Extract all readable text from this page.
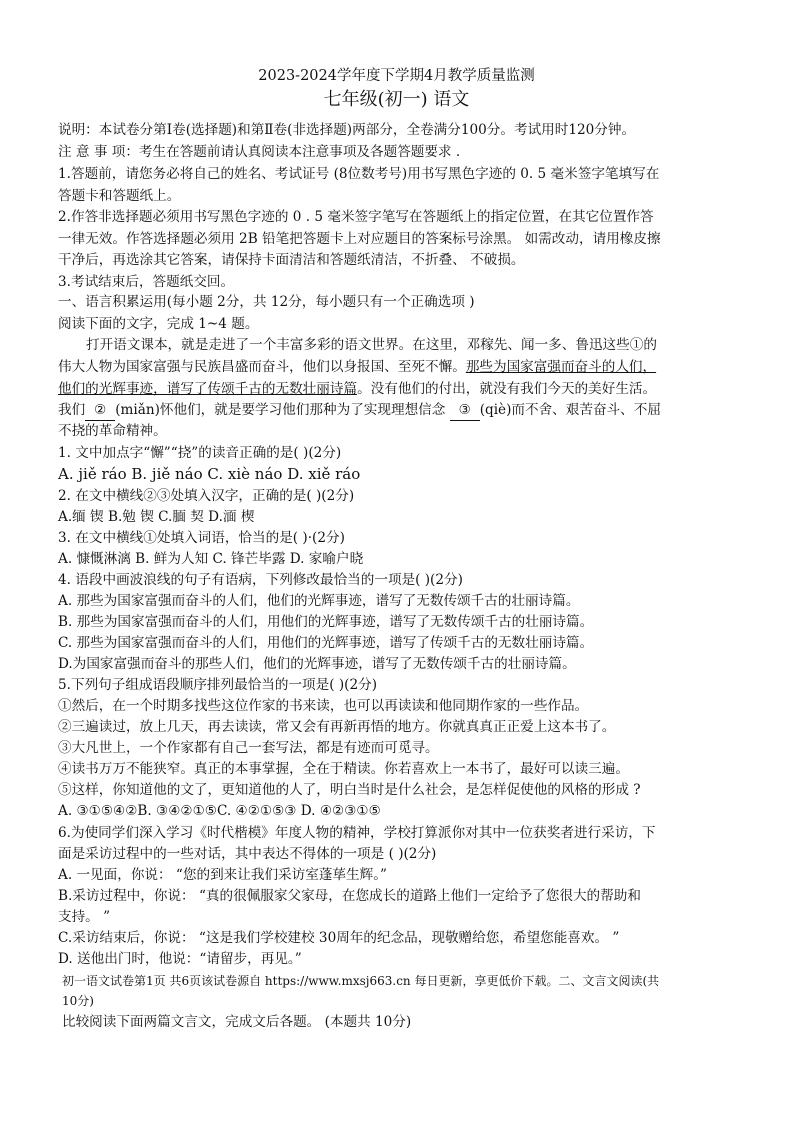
2023-2024学年度下学期4月教学质量监测
七年级(初一) 语文
说明：本试卷分第Ⅰ卷(选择题)和第Ⅱ卷(非选择题)两部分，全卷满分100分。考试用时120分钟。
注 意 事 项：考生在答题前请认真阅读本注意事项及各题答题要求 .
1.答题前，请您务必将自己的姓名、考试证号 (8位数考号)用书写黑色字迹的 0. 5 毫米签字笔填写在
答题卡和答题纸上。
2.作答非选择题必须用书写黑色字迹的 0 . 5 毫米签字笔写在答题纸上的指定位置，在其它位置作答
一律无效。作答选择题必须用 2B 铅笔把答题卡上对应题目的答案标号涂黑。 如需改动，请用橡皮擦
干净后，再选涂其它答案，请保持卡面清洁和答题纸清洁，不折叠、 不破损。
3.考试结束后，答题纸交回。
一、语言积累运用(每小题 2分，共 12分，每小题只有一个正确选项 )
阅读下面的文字，完成 1~4 题。
打开语文课本，就是走进了一个丰富多彩的语文世界。在这里，邓稼先、闻一多、鲁迅这些①的
伟大人物为国家富强与民族昌盛而奋斗，他们以身报国、至死不懈。那些为国家富强而奋斗的人们，
他们的光辉事迹，谱写了传颂千古的无数壮丽诗篇。没有他们的付出，就没有我们今天的美好生活。
我们 ② (miǎn)怀他们，就是要学习他们那种为了实现理想信念 ③ (qiè)而不舍、艰苦奋斗、不屈
不挠的革命精神。
1. 文中加点字“懈”“挠”的读音正确的是( )(2分)
A. jiě ráo B. jiě náo C. xiè náo D. xiě ráo
2. 在文中横线②③处填入汉字，正确的是( )(2分)
A.缅 锲 B.勉 锲 C.腼 契 D.湎 楔
3. 在文中横线①处填入词语，恰当的是( )·(2分)
A. 慷慨淋漓 B. 鲜为人知 C. 锋芒毕露 D. 家喻户晓
4. 语段中画波浪线的句子有语病，下列修改最恰当的一项是( )(2分)
A. 那些为国家富强而奋斗的人们，他们的光辉事迹，谱写了无数传颂千古的壮丽诗篇。
B. 那些为国家富强而奋斗的人们，用他们的光辉事迹，谱写了无数传颂千古的壮丽诗篇。
C. 那些为国家富强而奋斗的人们，用他们的光辉事迹，谱写了传颂千古的无数壮丽诗篇。
D.为国家富强而奋斗的那些人们，他们的光辉事迹，谱写了无数传颂千古的壮丽诗篇。
5.下列句子组成语段顺序排列最恰当的一项是( )(2分)
①然后，在一个时期多找些这位作家的书来读，也可以再读读和他同期作家的一些作品。
②三遍读过，放上几天，再去读读，常又会有再新再悟的地方。你就真真正正爱上这本书了。
③大凡世上，一个作家都有自己一套写法，都是有迹而可觅寻。
④读书万万不能狭窄。真正的本事掌握，全在于精读。你若喜欢上一本书了，最好可以读三遍。
⑤这样，你知道他的文了，更知道他的人了，明白当时是什么社会，是怎样促使他的风格的形成 ?
A. ③①⑤④②B. ③④②①⑤C. ④②①⑤③ D. ④②③①⑤
6.为使同学们深入学习《时代楷模》年度人物的精神，学校打算派你对其中一位获奖者进行采访，下
面是采访过程中的一些对话，其中表达不得体的一项是 ( )(2分)
A. 一见面，你说： “您的到来让我们采访室蓬荜生辉。”
B.采访过程中，你说： “真的很佩服家父家母，在您成长的道路上他们一定给予了您很大的帮助和
支持。 ”
C.采访结束后，你说： “这是我们学校建校 30周年的纪念品，现敬赠给您，希望您能喜欢。 ”
D. 送他出门时，他说：“请留步，再见。”
初一语文试卷第1页 共6页该试卷源自 https://www.mxsj663.cn 每日更新，享更低价下载。二、文言文阅读(共
10分)
比较阅读下面两篇文言文，完成文后各题。 (本题共 10分)
